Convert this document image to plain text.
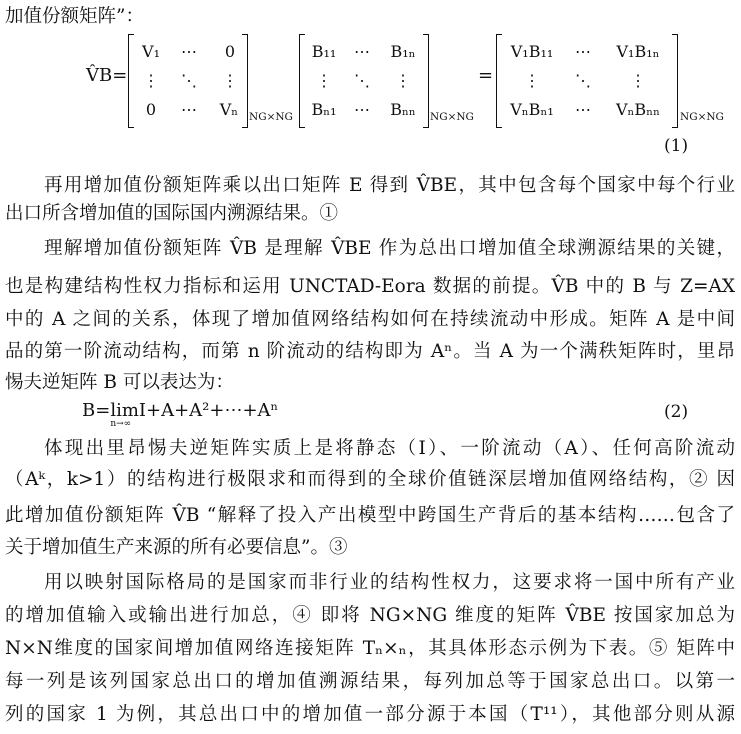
加值份额矩阵”：
V̂B=
V₁	⋯	0
⋮	⋱	⋮
0	⋯	Vₙ	NG×NG
B₁₁	⋯	B₁ₙ
⋮	⋱	⋮
Bₙ₁	⋯	Bₙₙ	NG×NG
=
V₁B₁₁	⋯	V₁B₁ₙ
⋮	⋱	⋮
VₙBₙ₁	⋯	VₙBₙₙ	NG×NG
(1)
再用增加值份额矩阵乘以出口矩阵 E 得到 V̂BE，其中包含每个国家中每个行业
出口所含增加值的国际国内溯源结果。①
理解增加值份额矩阵 V̂B 是理解 V̂BE 作为总出口增加值全球溯源结果的关键，
也是构建结构性权力指标和运用 UNCTAD-Eora 数据的前提。V̂B 中的 B 与 Z=AX
中的 A 之间的关系，体现了增加值网络结构如何在持续流动中形成。矩阵 A 是中间
品的第一阶流动结构，而第 n 阶流动的结构即为 Aⁿ。当 A 为一个满秩矩阵时，里昂
惕夫逆矩阵 B 可以表达为：
B=lim
n→∞
I+A+A²+⋯+Aⁿ	(2)
体现出里昂惕夫逆矩阵实质上是将静态（I）、一阶流动（A）、任何高阶流动
（Aᵏ，k>1）的结构进行极限求和而得到的全球价值链深层增加值网络结构，② 因
此增加值份额矩阵 V̂B “解释了投入产出模型中跨国生产背后的基本结构……包含了
关于增加值生产来源的所有必要信息”。③
用以映射国际格局的是国家而非行业的结构性权力，这要求将一国中所有产业
的增加值输入或输出进行加总，④ 即将 NG×NG 维度的矩阵 V̂BE 按国家加总为
N×N维度的国家间增加值网络连接矩阵 Tₙ×ₙ，其具体形态示例为下表。⑤ 矩阵中
每一列是该列国家总出口的增加值溯源结果，每列加总等于国家总出口。以第一
列的国家 1 为例，其总出口中的增加值一部分源于本国（T¹¹），其他部分则从源
